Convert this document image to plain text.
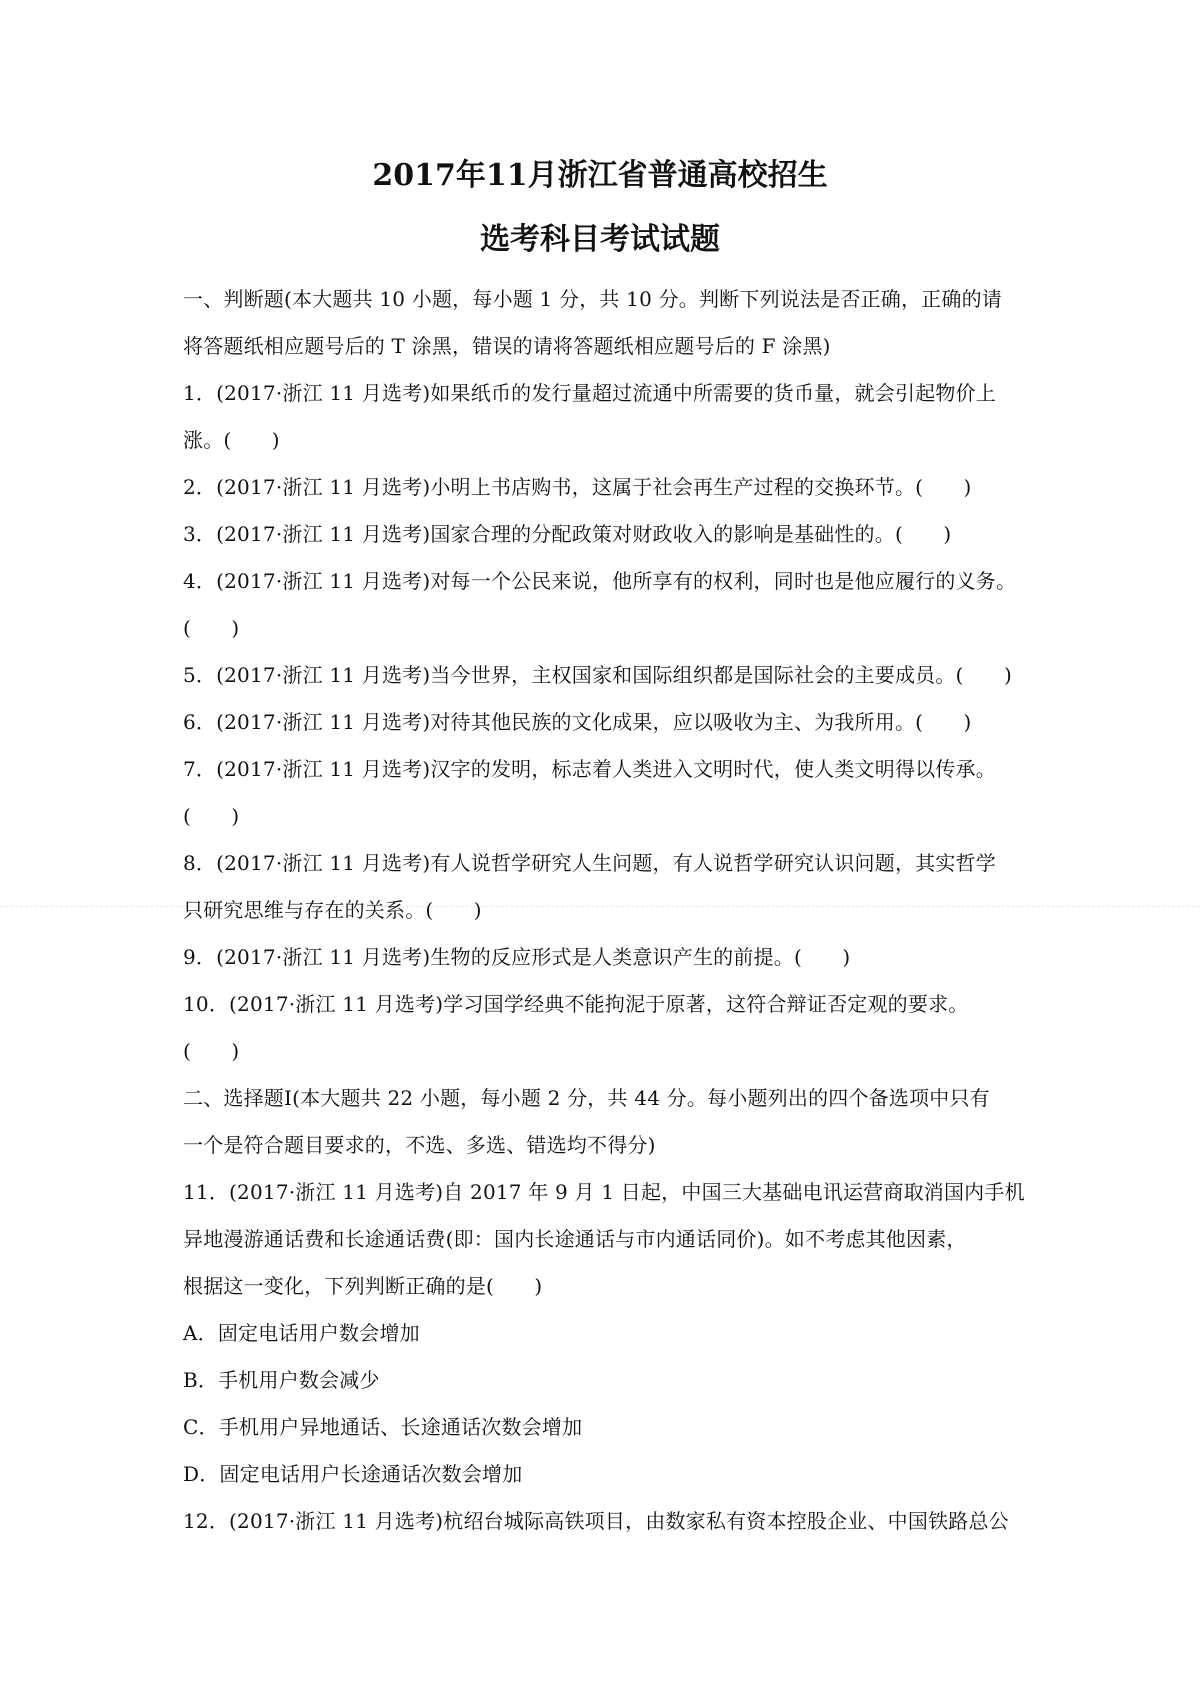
2017年11月浙江省普通高校招生
选考科目考试试题
一、判断题(本大题共 10 小题，每小题 1 分，共 10 分。判断下列说法是否正确，正确的请
将答题纸相应题号后的 T 涂黑，错误的请将答题纸相应题号后的 F 涂黑)
1．(2017·浙江 11 月选考)如果纸币的发行量超过流通中所需要的货币量，就会引起物价上
涨。(　　)
2．(2017·浙江 11 月选考)小明上书店购书，这属于社会再生产过程的交换环节。(　　)
3．(2017·浙江 11 月选考)国家合理的分配政策对财政收入的影响是基础性的。(　　)
4．(2017·浙江 11 月选考)对每一个公民来说，他所享有的权利，同时也是他应履行的义务。
(　　)
5．(2017·浙江 11 月选考)当今世界，主权国家和国际组织都是国际社会的主要成员。(　　)
6．(2017·浙江 11 月选考)对待其他民族的文化成果，应以吸收为主、为我所用。(　　)
7．(2017·浙江 11 月选考)汉字的发明，标志着人类进入文明时代，使人类文明得以传承。
(　　)
8．(2017·浙江 11 月选考)有人说哲学研究人生问题，有人说哲学研究认识问题，其实哲学
只研究思维与存在的关系。(　　)
9．(2017·浙江 11 月选考)生物的反应形式是人类意识产生的前提。(　　)
10．(2017·浙江 11 月选考)学习国学经典不能拘泥于原著，这符合辩证否定观的要求。
(　　)
二、选择题Ⅰ(本大题共 22 小题，每小题 2 分，共 44 分。每小题列出的四个备选项中只有
一个是符合题目要求的，不选、多选、错选均不得分)
11．(2017·浙江 11 月选考)自 2017 年 9 月 1 日起，中国三大基础电讯运营商取消国内手机
异地漫游通话费和长途通话费(即：国内长途通话与市内通话同价)。如不考虑其他因素，
根据这一变化，下列判断正确的是(　　)
A．固定电话用户数会增加
B．手机用户数会减少
C．手机用户异地通话、长途通话次数会增加
D．固定电话用户长途通话次数会增加
12．(2017·浙江 11 月选考)杭绍台城际高铁项目，由数家私有资本控股企业、中国铁路总公
